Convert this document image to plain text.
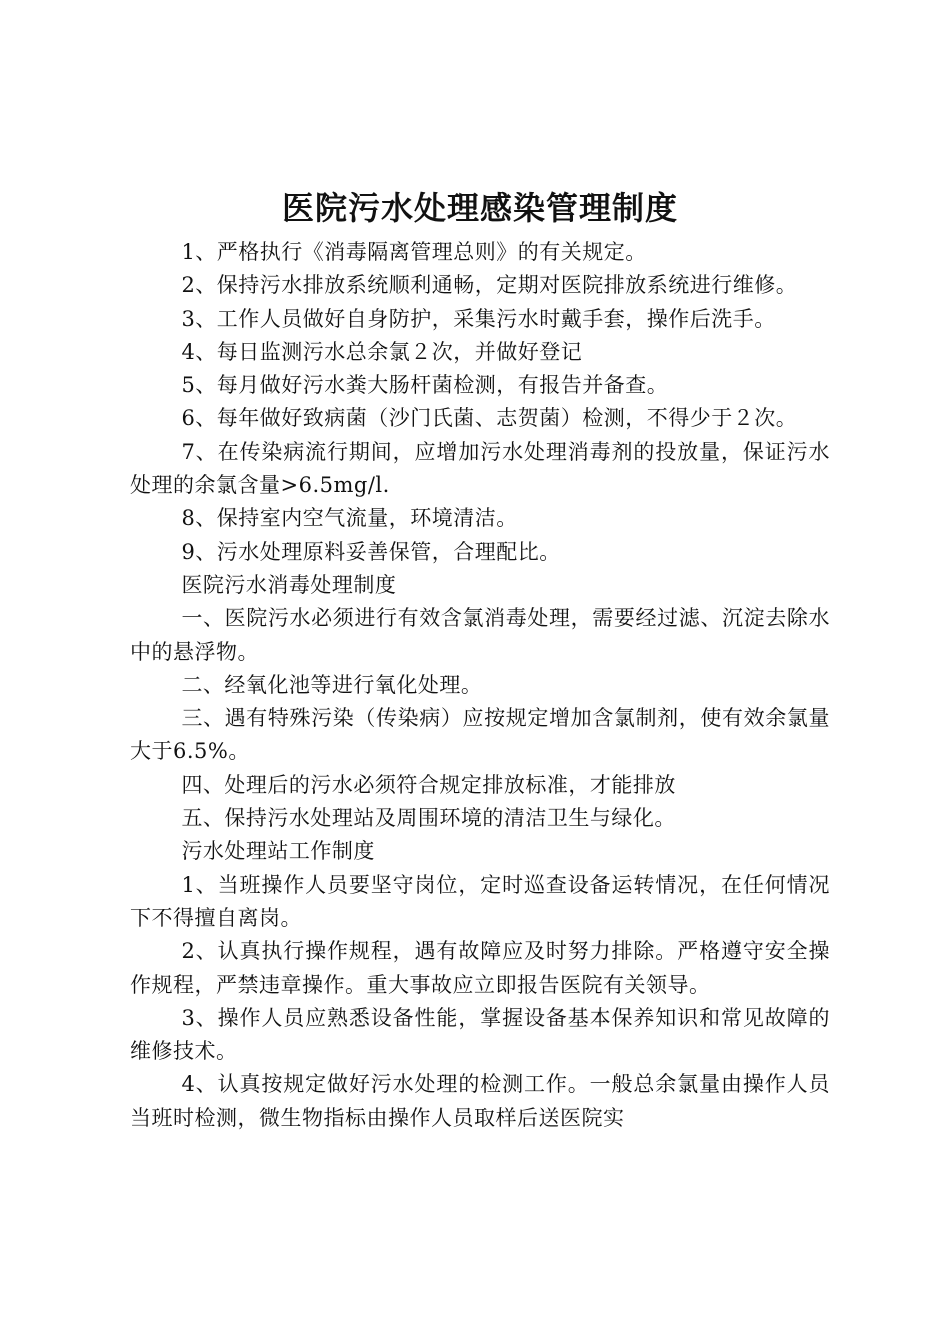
医院污水处理感染管理制度

1、严格执行《消毒隔离管理总则》的有关规定。

2、保持污水排放系统顺利通畅，定期对医院排放系统进行维修。

3、工作人员做好自身防护，采集污水时戴手套，操作后洗手。

4、每日监测污水总余氯２次，并做好登记

5、每月做好污水粪大肠杆菌检测，有报告并备查。

6、每年做好致病菌（沙门氏菌、志贺菌）检测，不得少于２次。

7、在传染病流行期间，应增加污水处理消毒剂的投放量，保证污水处理的余氯含量>6.5mg/l.

8、保持室内空气流量，环境清洁。

9、污水处理原料妥善保管，合理配比。

医院污水消毒处理制度

一、医院污水必须进行有效含氯消毒处理，需要经过滤、沉淀去除水中的悬浮物。

二、经氧化池等进行氧化处理。

三、遇有特殊污染（传染病）应按规定增加含氯制剂，使有效余氯量大于6.5%。

四、处理后的污水必须符合规定排放标准，才能排放

五、保持污水处理站及周围环境的清洁卫生与绿化。

污水处理站工作制度

1、当班操作人员要坚守岗位，定时巡查设备运转情况，在任何情况下不得擅自离岗。

2、认真执行操作规程，遇有故障应及时努力排除。严格遵守安全操作规程，严禁违章操作。重大事故应立即报告医院有关领导。

3、操作人员应熟悉设备性能，掌握设备基本保养知识和常见故障的维修技术。

4、认真按规定做好污水处理的检测工作。一般总余氯量由操作人员当班时检测，微生物指标由操作人员取样后送医院实
